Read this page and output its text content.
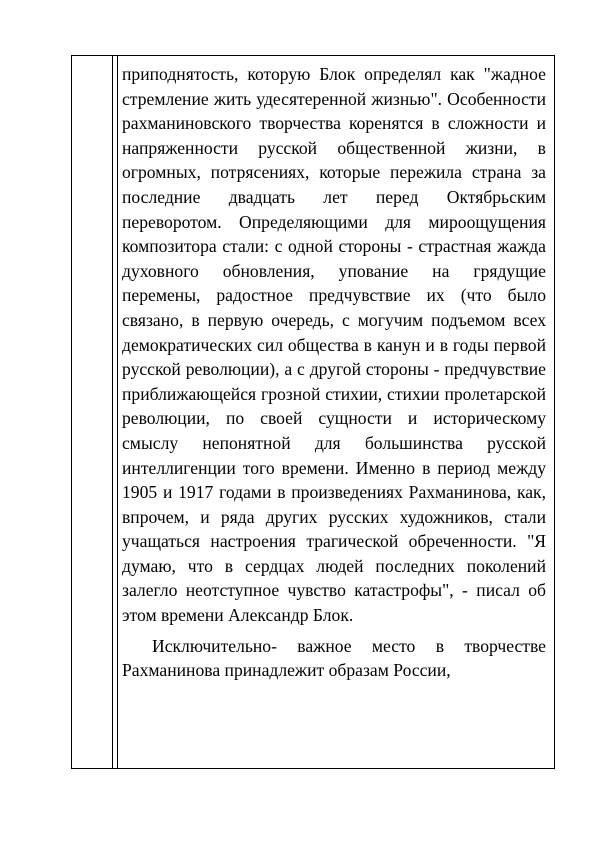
приподнятость, которую Блок определял как "жадное стремление жить удесятеренной жизнью". Особенности рахманиновского творчества коренятся в сложности и напряженности русской общественной жизни, в огромных, потрясениях, которые пережила страна за последние двадцать лет перед Октябрьским переворотом. Определяющими для мироощущения композитора стали: с одной стороны - страстная жажда духовного обновления, упование на грядущие перемены, радостное предчувствие их (что было связано, в первую очередь, с могучим подъемом всех демократических сил общества в канун и в годы первой русской революции), а с другой стороны - предчувствие приближающейся грозной стихии, стихии пролетарской революции, по своей сущности и историческому смыслу непонятной для большинства русской интеллигенции того времени. Именно в период между 1905 и 1917 годами в произведениях Рахманинова, как, впрочем, и ряда других русских художников, стали учащаться настроения трагической обреченности. "Я думаю, что в сердцах людей последних поколений залегло неотступное чувство катастрофы", - писал об этом времени Александр Блок.

Исключительно- важное место в творчестве Рахманинова принадлежит образам России,
